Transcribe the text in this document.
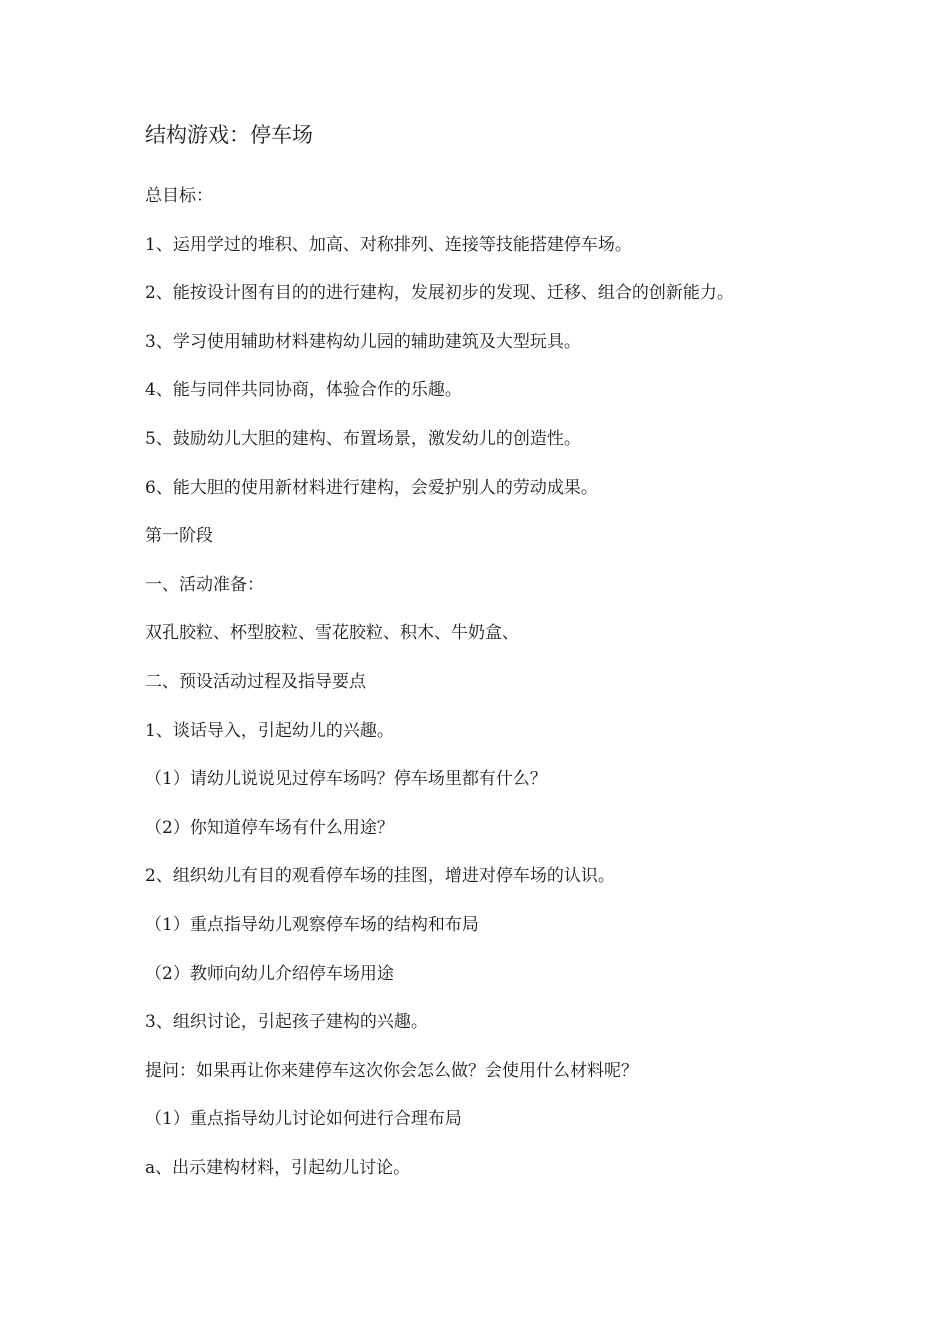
结构游戏：停车场
总目标：
1、运用学过的堆积、加高、对称排列、连接等技能搭建停车场。
2、能按设计图有目的的进行建构，发展初步的发现、迁移、组合的创新能力。
3、学习使用辅助材料建构幼儿园的辅助建筑及大型玩具。
4、能与同伴共同协商，体验合作的乐趣。
5、鼓励幼儿大胆的建构、布置场景，激发幼儿的创造性。
6、能大胆的使用新材料进行建构，会爱护别人的劳动成果。
第一阶段
一、活动准备：
双孔胶粒、杯型胶粒、雪花胶粒、积木、牛奶盒、
二、预设活动过程及指导要点
1、谈话导入，引起幼儿的兴趣。
（1）请幼儿说说见过停车场吗？停车场里都有什么？
（2）你知道停车场有什么用途？
2、组织幼儿有目的观看停车场的挂图，增进对停车场的认识。
（1）重点指导幼儿观察停车场的结构和布局
（2）教师向幼儿介绍停车场用途
3、组织讨论，引起孩子建构的兴趣。
提问：如果再让你来建停车这次你会怎么做？会使用什么材料呢？
（1）重点指导幼儿讨论如何进行合理布局
a、出示建构材料，引起幼儿讨论。
